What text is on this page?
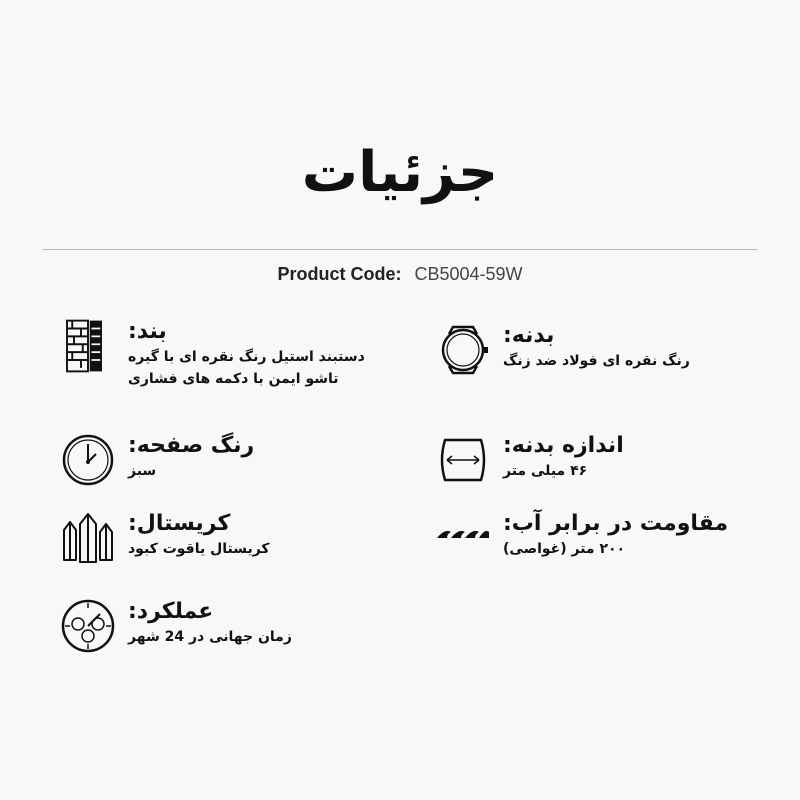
جزئیات
Product Code: CB5004-59W
بند:
دستبند استیل رنگ نقره ای با گیره
تاشو ایمن با دکمه های فشاری
رنگ صفحه:
سبز
کریستال:
کریستال یاقوت کبود
عملکرد:
زمان جهانی در 24 شهر
بدنه:
رنگ نقره ای فولاد ضد زنگ
اندازه بدنه:
۴۶ میلی متر
مقاومت در برابر آب:
۲۰۰ متر (غواصی)
